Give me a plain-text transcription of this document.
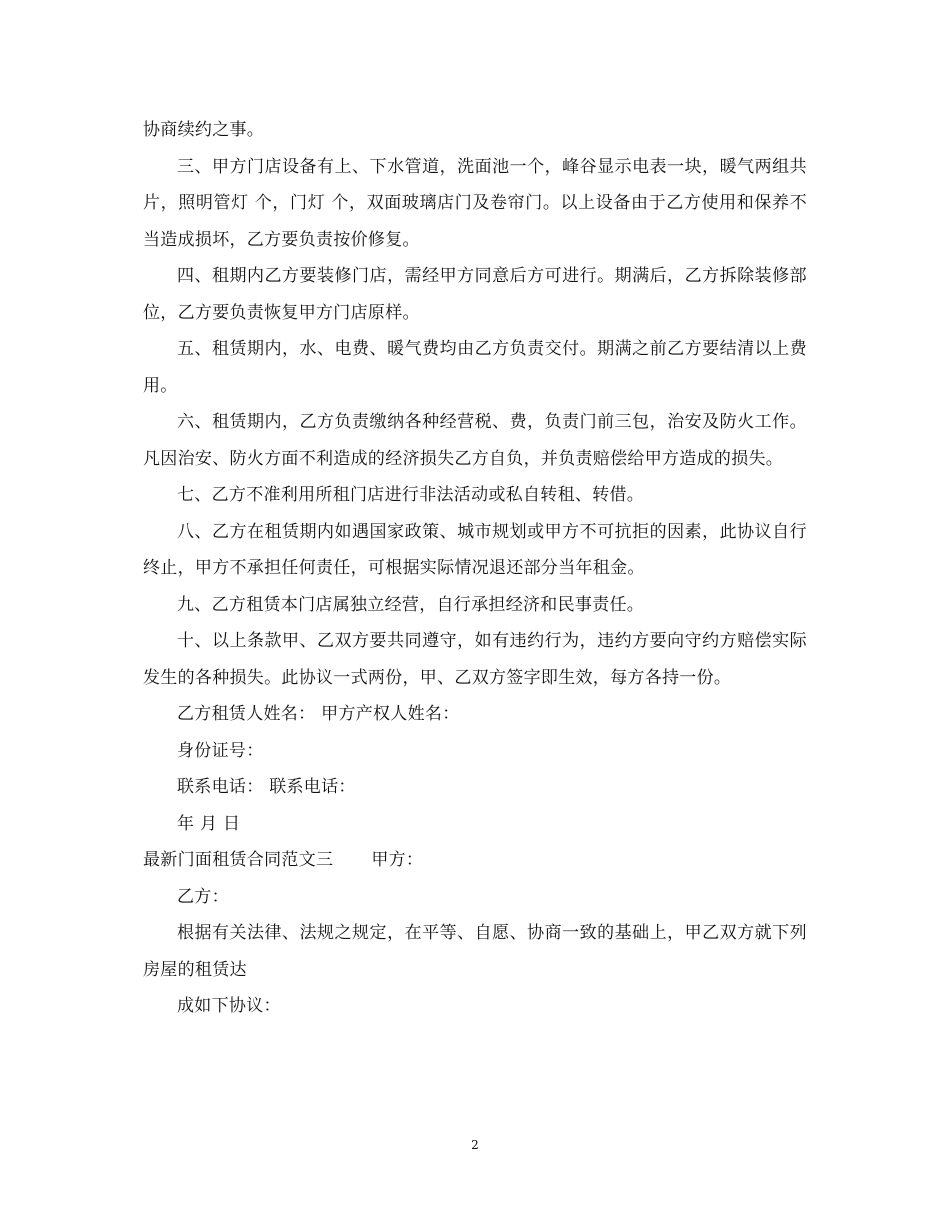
协商续约之事。

三、甲方门店设备有上、下水管道，洗面池一个，峰谷显示电表一块，暖气两组共 片，照明管灯 个，门灯 个，双面玻璃店门及卷帘门。以上设备由于乙方使用和保养不当造成损坏，乙方要负责按价修复。

四、租期内乙方要装修门店，需经甲方同意后方可进行。期满后，乙方拆除装修部位，乙方要负责恢复甲方门店原样。

五、租赁期内，水、电费、暖气费均由乙方负责交付。期满之前乙方要结清以上费用。

六、租赁期内，乙方负责缴纳各种经营税、费，负责门前三包，治安及防火工作。凡因治安、防火方面不利造成的经济损失乙方自负，并负责赔偿给甲方造成的损失。

七、乙方不准利用所租门店进行非法活动或私自转租、转借。

八、乙方在租赁期内如遇国家政策、城市规划或甲方不可抗拒的因素，此协议自行终止，甲方不承担任何责任，可根据实际情况退还部分当年租金。

九、乙方租赁本门店属独立经营，自行承担经济和民事责任。

十、以上条款甲、乙双方要共同遵守，如有违约行为，违约方要向守约方赔偿实际发生的各种损失。此协议一式两份，甲、乙双方签字即生效，每方各持一份。

乙方租赁人姓名： 甲方产权人姓名：

身份证号：

联系电话： 联系电话：

年 月 日

最新门面租赁合同范文三 甲方：

乙方：

根据有关法律、法规之规定，在平等、自愿、协商一致的基础上，甲乙双方就下列房屋的租赁达

成如下协议：

2
